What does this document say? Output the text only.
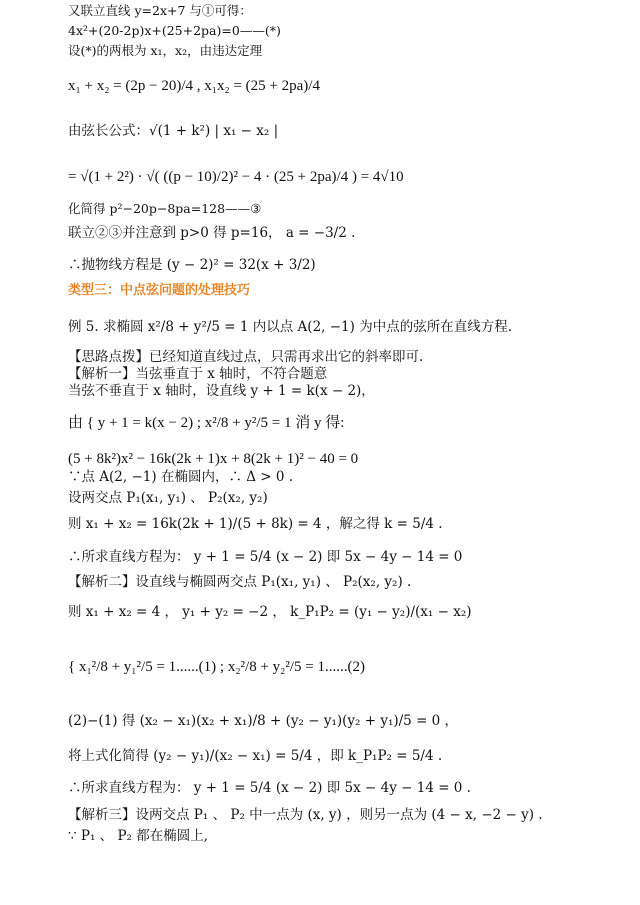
又联立直线 y=2x+7 与①可得：
4x²+(20-2p)x+(25+2pa)=0——(*)
设(*)的两根为 x₁，x₂，由违达定理
x₁ + x₂ = (2p − 20)/4 , x₁x₂ = (25 + 2pa)/4
由弦长公式：√(1 + k²) | x₁ − x₂ |
= √(1 + 2²) · √( ((p − 10)/2)² − 4 · (25 + 2pa)/4 ) = 4√10
化简得 p²−20p−8pa=128——③
联立②③并注意到 p>0 得 p=16， a = −3/2 .
∴抛物线方程是 (y − 2)² = 32(x + 3/2)
类型三：中点弦问题的处理技巧
例 5. 求椭圆 x²/8 + y²/5 = 1 内以点 A(2, −1) 为中点的弦所在直线方程.
【思路点拨】已经知道直线过点，只需再求出它的斜率即可.
【解析一】当弦垂直于 x 轴时，不符合题意
当弦不垂直于 x 轴时，设直线 y + 1 = k(x − 2)，
由 { y + 1 = k(x − 2) ; x²/8 + y²/5 = 1 消 y 得:
(5 + 8k²)x² − 16k(2k + 1)x + 8(2k + 1)² − 40 = 0
∵点 A(2, −1) 在椭圆内，∴ Δ > 0 .
设两交点 P₁(x₁, y₁) 、 P₂(x₂, y₂)
则 x₁ + x₂ = 16k(2k + 1)/(5 + 8k) = 4 ，解之得 k = 5/4 .
∴所求直线方程为： y + 1 = 5/4 (x − 2) 即 5x − 4y − 14 = 0
【解析二】设直线与椭圆两交点 P₁(x₁, y₁) 、 P₂(x₂, y₂) .
则 x₁ + x₂ = 4 ， y₁ + y₂ = −2 ， k_P₁P₂ = (y₁ − y₂)/(x₁ − x₂)
{ x₁²/8 + y₁²/5 = 1......(1) ; x₂²/8 + y₂²/5 = 1......(2)
(2)−(1) 得 (x₂ − x₁)(x₂ + x₁)/8 + (y₂ − y₁)(y₂ + y₁)/5 = 0 ，
将上式化简得 (y₂ − y₁)/(x₂ − x₁) = 5/4 ，即 k_P₁P₂ = 5/4 .
∴所求直线方程为： y + 1 = 5/4 (x − 2) 即 5x − 4y − 14 = 0 .
【解析三】设两交点 P₁ 、 P₂ 中一点为 (x, y) ，则另一点为 (4 − x, −2 − y) .
∵ P₁ 、 P₂ 都在椭圆上,
